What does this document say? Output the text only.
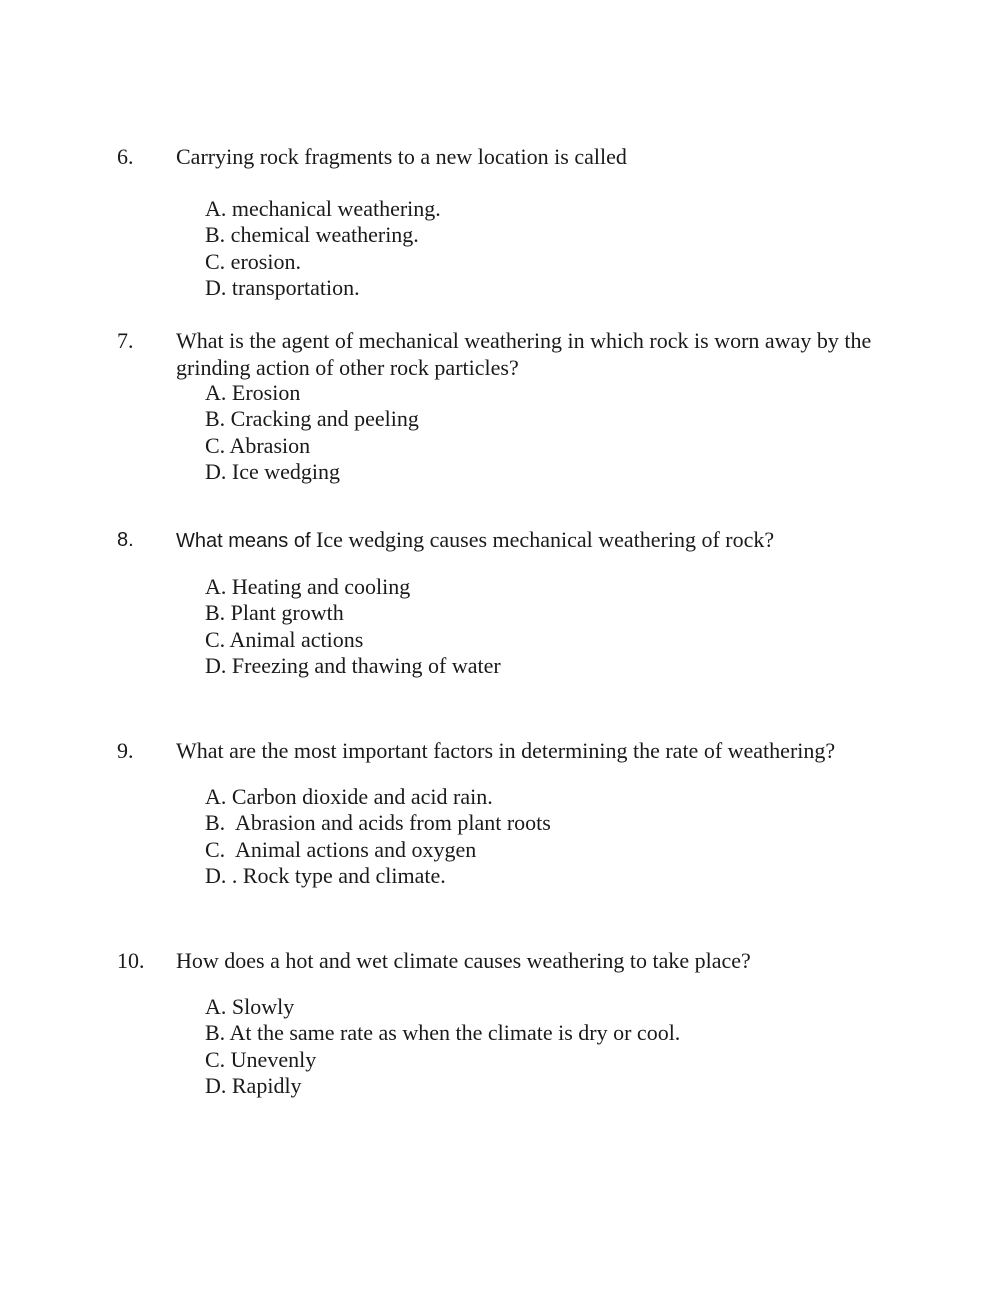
6. Carrying rock fragments to a new location is called
A. mechanical weathering.
B. chemical weathering.
C. erosion.
D. transportation.
7. What is the agent of mechanical weathering in which rock is worn away by the grinding action of other rock particles?
A. Erosion
B. Cracking and peeling
C. Abrasion
D. Ice wedging
8. What means of Ice wedging causes mechanical weathering of rock?
A. Heating and cooling
B. Plant growth
C. Animal actions
D. Freezing and thawing of water
9. What are the most important factors in determining the rate of weathering?
A. Carbon dioxide and acid rain.
B.  Abrasion and acids from plant roots
C.  Animal actions and oxygen
D. . Rock type and climate.
10. How does a hot and wet climate causes weathering to take place?
A. Slowly
B. At the same rate as when the climate is dry or cool.
C. Unevenly
D. Rapidly
